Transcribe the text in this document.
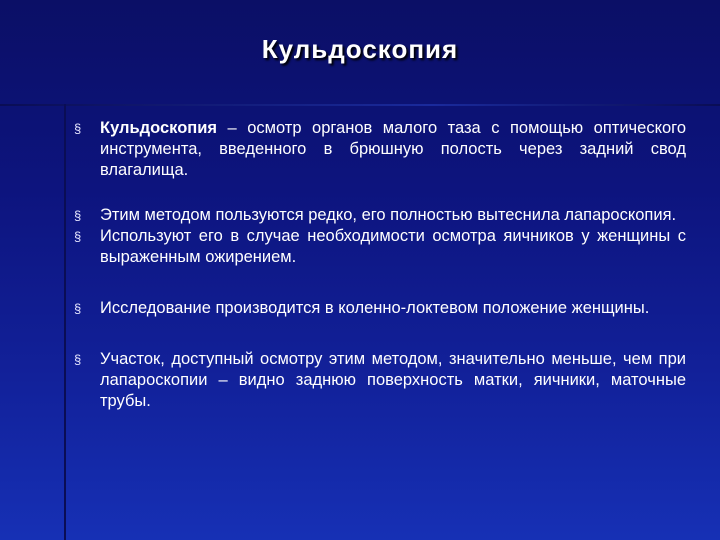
Кульдоскопия
§ Кульдоскопия – осмотр органов малого таза с помощью оптического инструмента, введенного в брюшную полость через задний свод влагалища.
§ Этим методом пользуются редко, его полностью вытеснила лапароскопия.
§ Используют его в случае необходимости осмотра яичников у женщины с выраженным ожирением.
§ Исследование производится в коленно-локтевом положение женщины.
§ Участок, доступный осмотру этим методом, значительно меньше, чем при лапароскопии – видно заднюю поверхность матки, яичники, маточные трубы.
